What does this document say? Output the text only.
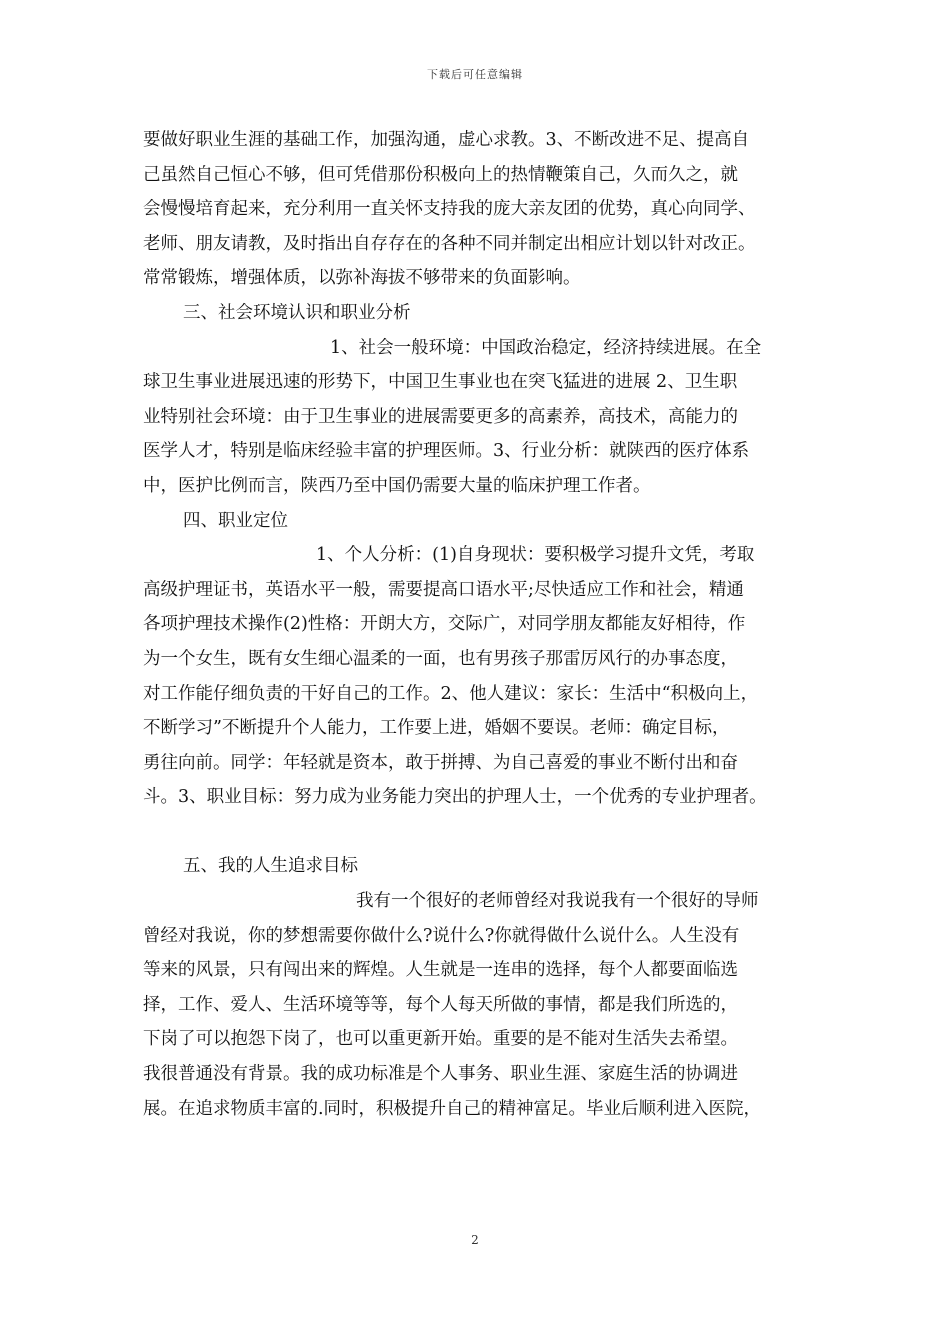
下载后可任意编辑
要做好职业生涯的基础工作，加强沟通，虚心求教。3、不断改进不足、提高自
己虽然自己恒心不够，但可凭借那份积极向上的热情鞭策自己，久而久之，就
会慢慢培育起来，充分利用一直关怀支持我的庞大亲友团的优势，真心向同学、
老师、朋友请教，及时指出自存存在的各种不同并制定出相应计划以针对改正。
常常锻炼，增强体质，以弥补海拔不够带来的负面影响。
三、社会环境认识和职业分析
1、社会一般环境：中国政治稳定，经济持续进展。在全
球卫生事业进展迅速的形势下，中国卫生事业也在突飞猛进的进展 2、卫生职
业特别社会环境：由于卫生事业的进展需要更多的高素养，高技术，高能力的
医学人才，特别是临床经验丰富的护理医师。3、行业分析：就陕西的医疗体系
中，医护比例而言，陕西乃至中国仍需要大量的临床护理工作者。
四、职业定位
1、个人分析：(1)自身现状：要积极学习提升文凭，考取
高级护理证书，英语水平一般，需要提高口语水平;尽快适应工作和社会，精通
各项护理技术操作(2)性格：开朗大方，交际广，对同学朋友都能友好相待，作
为一个女生，既有女生细心温柔的一面，也有男孩子那雷厉风行的办事态度，
对工作能仔细负责的干好自己的工作。2、他人建议：家长：生活中“积极向上，
不断学习”不断提升个人能力，工作要上进，婚姻不要误。老师：确定目标，
勇往向前。同学：年轻就是资本，敢于拼搏、为自己喜爱的事业不断付出和奋
斗。3、职业目标：努力成为业务能力突出的护理人士，一个优秀的专业护理者。
五、我的人生追求目标
我有一个很好的老师曾经对我说我有一个很好的导师
曾经对我说，你的梦想需要你做什么?说什么?你就得做什么说什么。人生没有
等来的风景，只有闯出来的辉煌。人生就是一连串的选择，每个人都要面临选
择，工作、爱人、生活环境等等，每个人每天所做的事情，都是我们所选的，
下岗了可以抱怨下岗了，也可以重更新开始。重要的是不能对生活失去希望。
我很普通没有背景。我的成功标准是个人事务、职业生涯、家庭生活的协调进
展。在追求物质丰富的.同时，积极提升自己的精神富足。毕业后顺利进入医院，
2
